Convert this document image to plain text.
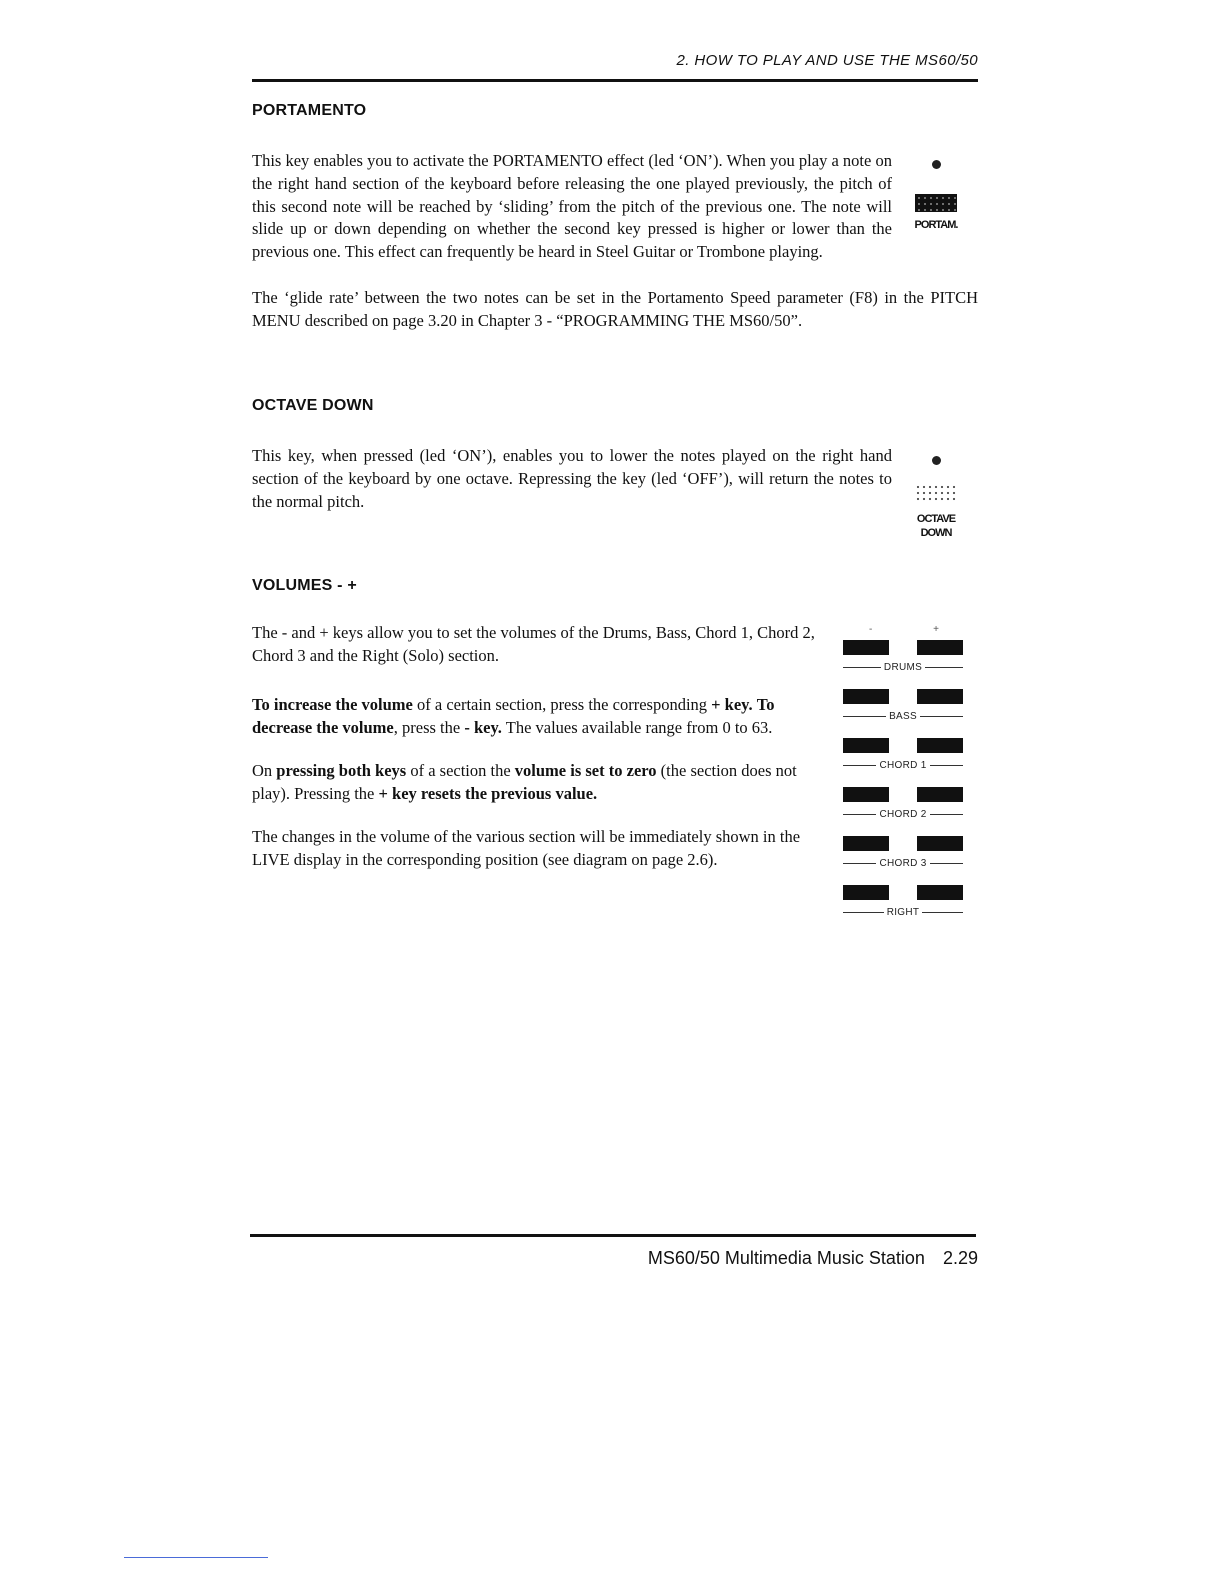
2. HOW TO PLAY AND USE THE MS60/50
PORTAMENTO

This key enables you to activate the PORTAMENTO effect (led ‘ON’). When you play a note on the right hand section of the keyboard before releasing the one played previously, the pitch of this second note will be reached by ‘sliding’ from the pitch of the previous one. The note will slide up or down depending on whether the second key pressed is higher or lower than the previous one. This effect can frequently be heard in Steel Guitar or Trombone playing.

The ‘glide rate’ between the two notes can be set in the Portamento Speed parameter (F8) in the PITCH MENU described on page 3.20 in Chapter 3 - “PROGRAMMING THE MS60/50”.

PORTAM.
OCTAVE DOWN

This key, when pressed (led ‘ON’), enables you to lower the notes played on the right hand section of the keyboard by one octave. Repressing the key (led ‘OFF’), will return the notes to the normal pitch.

OCTAVE
DOWN
VOLUMES - +

The - and + keys allow you to set the volumes of the Drums, Bass, Chord 1, Chord 2, Chord 3 and the Right (Solo) section.

To increase the volume of a certain section, press the corresponding + key. To decrease the volume, press the - key. The values available range from 0 to 63.

On pressing both keys of a section the volume is set to zero (the section does not play). Pressing the + key resets the previous value.

The changes in the volume of the various section will be immediately shown in the LIVE display in the corresponding position (see diagram on page 2.6).

-	+
DRUMS
BASS
CHORD 1
CHORD 2
CHORD 3
RIGHT
MS60/50 Multimedia Music Station 2.29
